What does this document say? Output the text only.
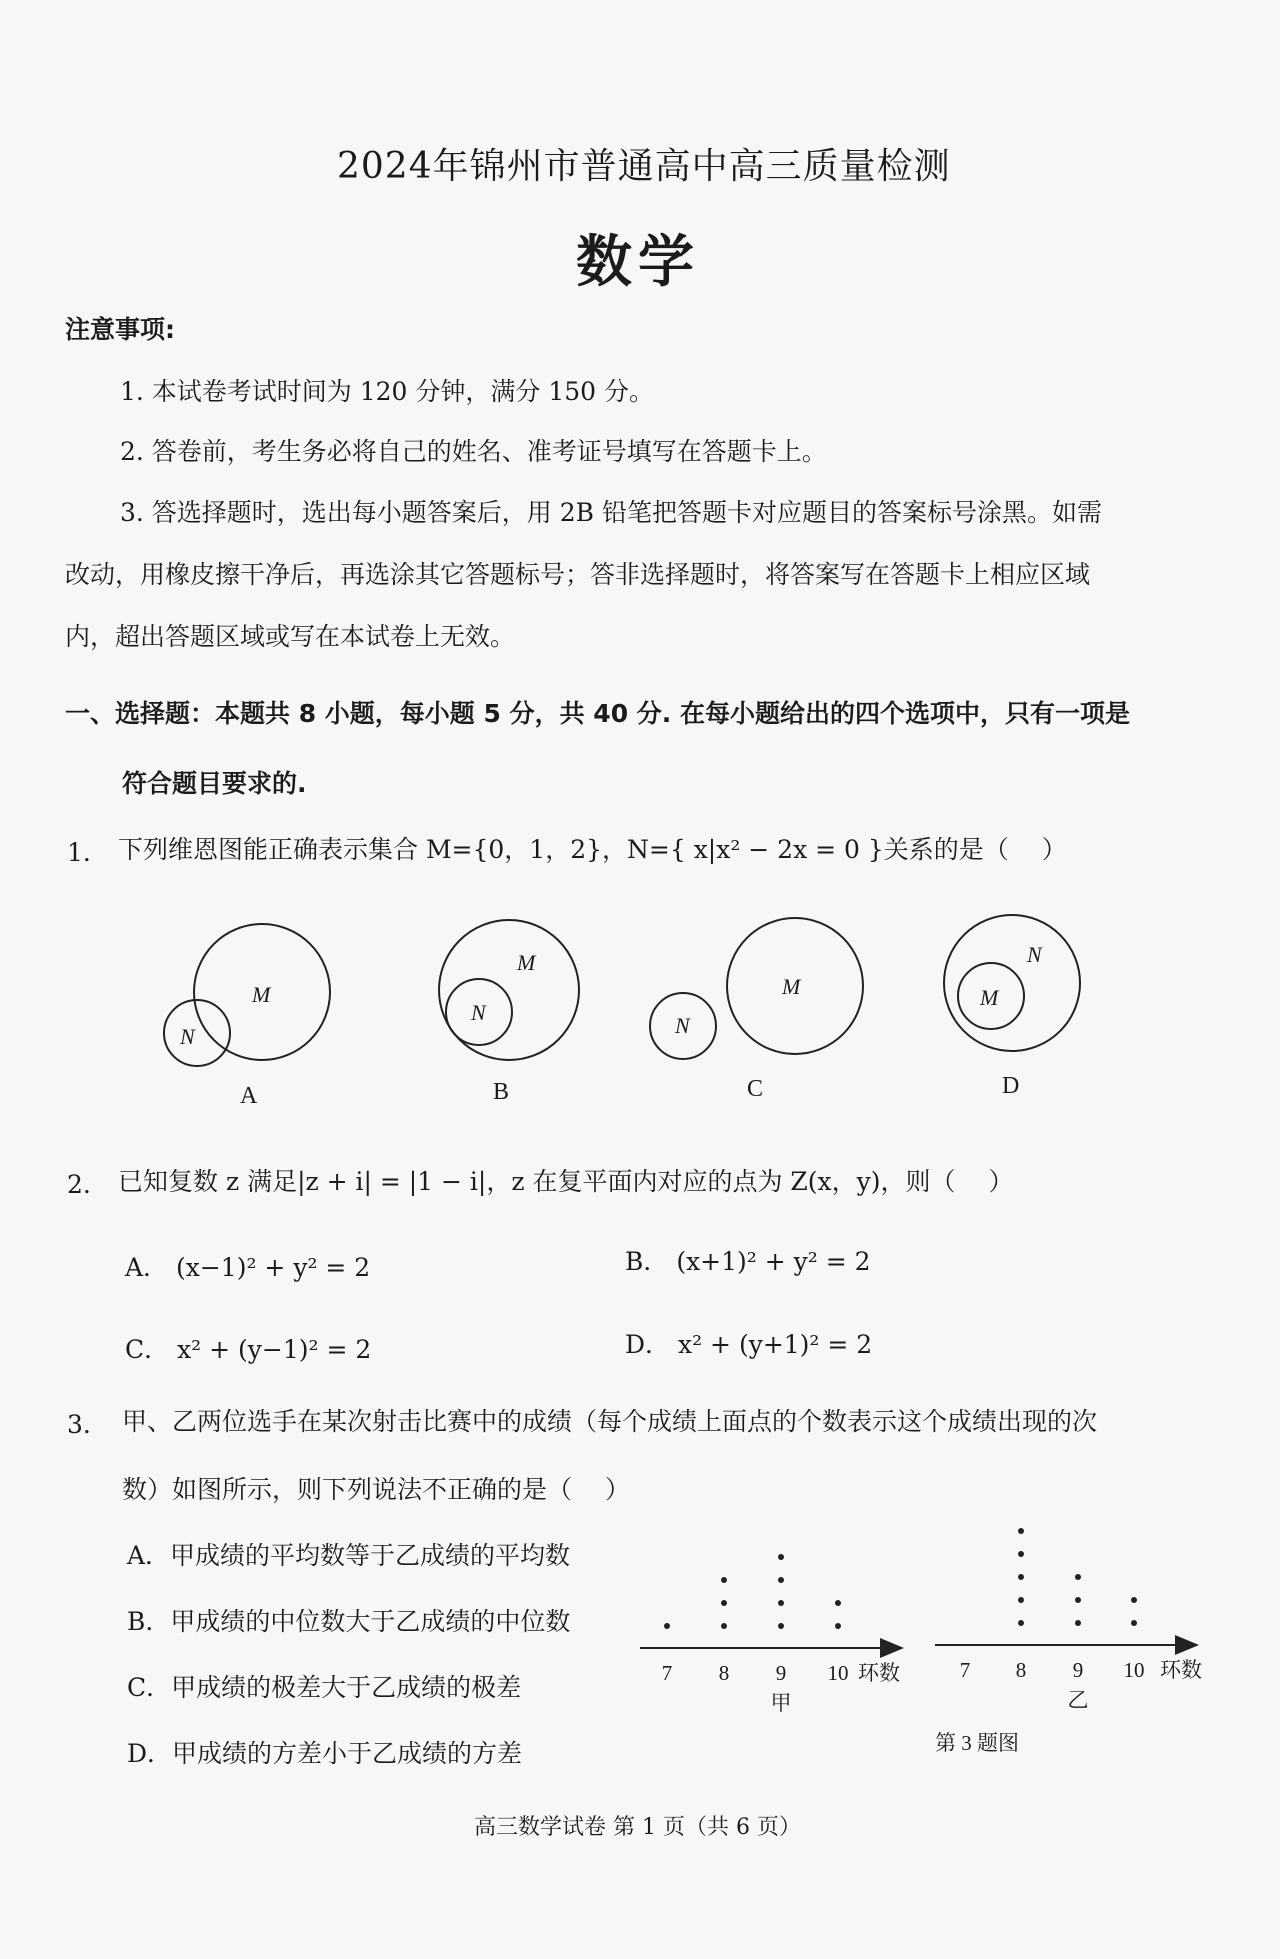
2024年锦州市普通高中高三质量检测
数学
注意事项:
1. 本试卷考试时间为 120 分钟，满分 150 分。
2. 答卷前，考生务必将自己的姓名、准考证号填写在答题卡上。
3. 答选择题时，选出每小题答案后，用 2B 铅笔把答题卡对应题目的答案标号涂黑。如需
改动，用橡皮擦干净后，再选涂其它答题标号；答非选择题时，将答案写在答题卡上相应区域
内，超出答题区域或写在本试卷上无效。
一、选择题：本题共 8 小题，每小题 5 分，共 40 分. 在每小题给出的四个选项中，只有一项是
符合题目要求的.
1. 下列维恩图能正确表示集合 M={0，1，2}，N={ x|x² − 2x = 0 }关系的是（　 ）
M
N
M
N
N
M
N
M
A	B	C	D
2. 已知复数 z 满足|z + i| = |1 − i|，z 在复平面内对应的点为 Z(x，y)，则（　 ）
A． (x−1)² + y² = 2	B． (x+1)² + y² = 2
C． x² + (y−1)² = 2	D． x² + (y+1)² = 2
3. 甲、乙两位选手在某次射击比赛中的成绩（每个成绩上面点的个数表示这个成绩出现的次
数）如图所示，则下列说法不正确的是（　 ）
A．甲成绩的平均数等于乙成绩的平均数
B．甲成绩的中位数大于乙成绩的中位数
C．甲成绩的极差大于乙成绩的极差
D．甲成绩的方差小于乙成绩的方差
7 8 9 10 环数
甲
7 8 9 10 环数
乙
第 3 题图
高三数学试卷 第 1 页（共 6 页）
